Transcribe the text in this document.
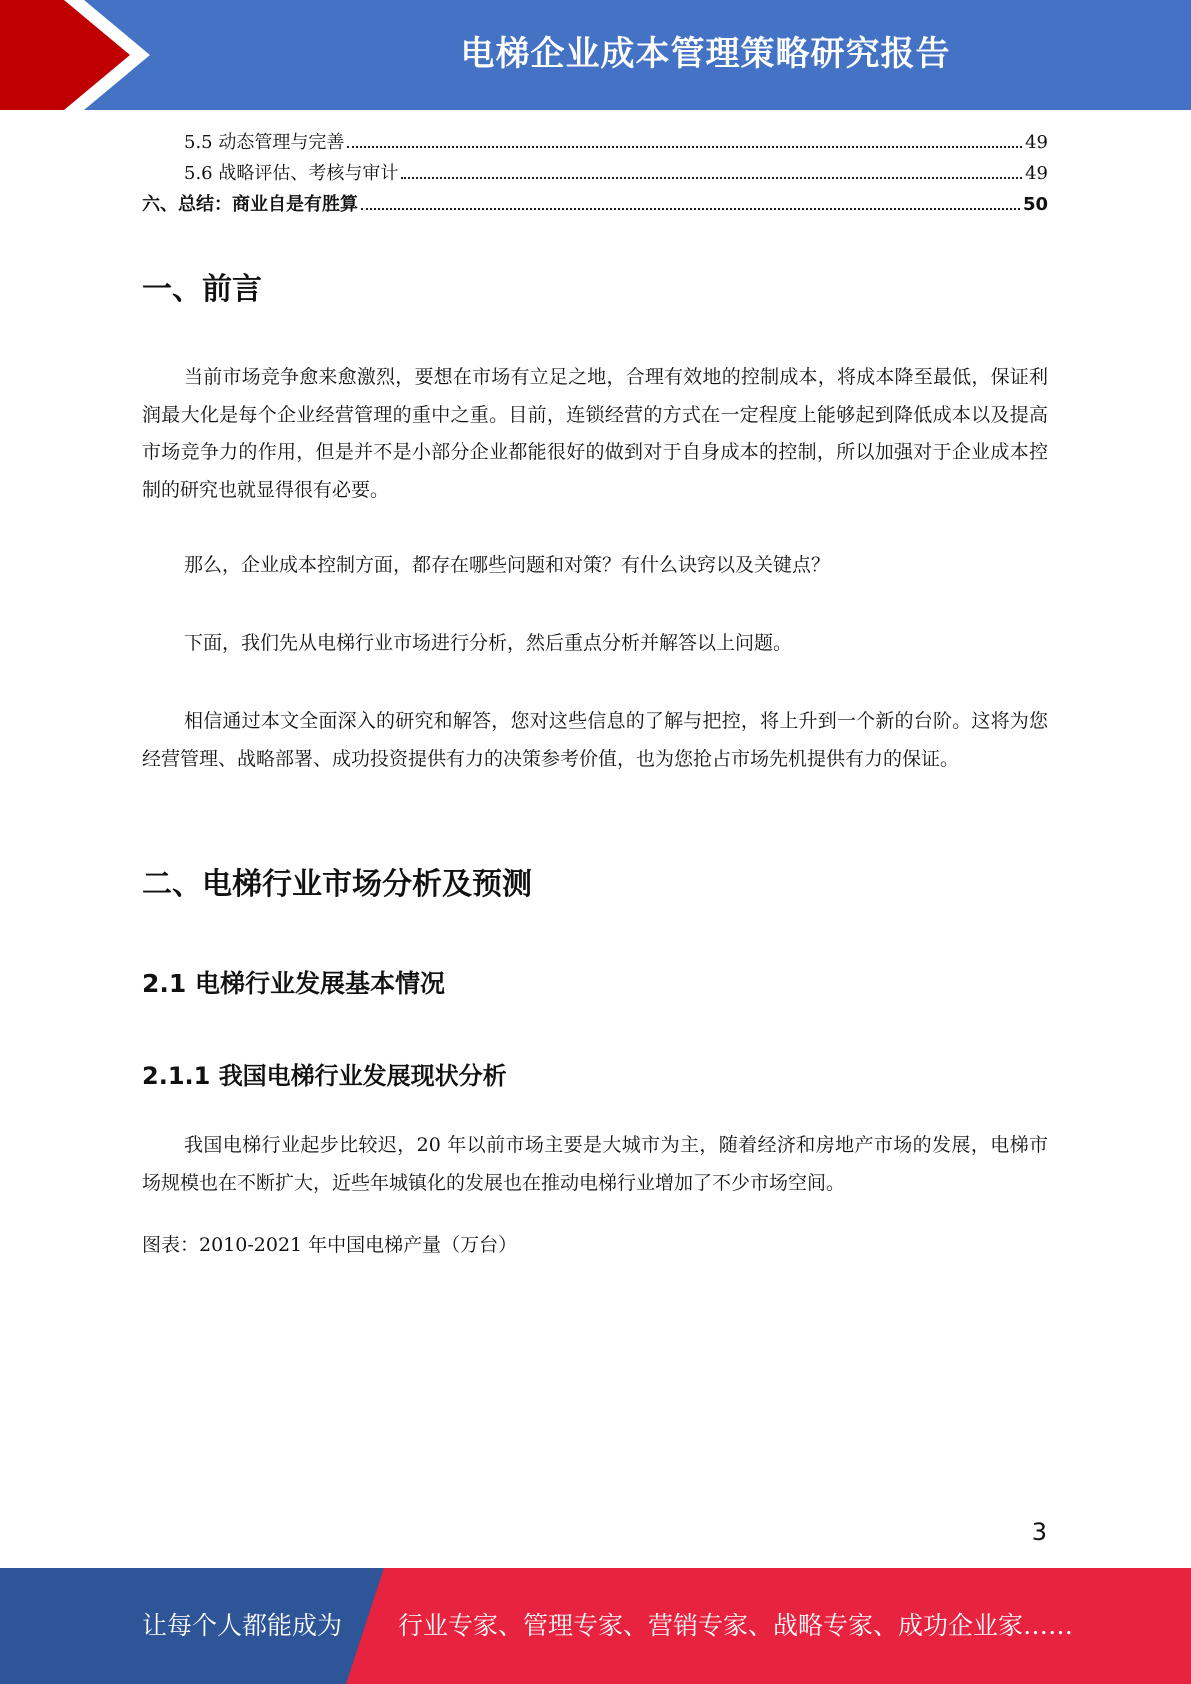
电梯企业成本管理策略研究报告
5.5 动态管理与完善	49
5.6 战略评估、考核与审计	49
六、总结：商业自是有胜算	50
一、前言

当前市场竞争愈来愈激烈，要想在市场有立足之地，合理有效地的控制成本，将成本降至最低，保证利润最大化是每个企业经营管理的重中之重。目前，连锁经营的方式在一定程度上能够起到降低成本以及提高市场竞争力的作用，但是并不是小部分企业都能很好的做到对于自身成本的控制，所以加强对于企业成本控制的研究也就显得很有必要。

那么，企业成本控制方面，都存在哪些问题和对策？有什么诀窍以及关键点？

下面，我们先从电梯行业市场进行分析，然后重点分析并解答以上问题。

相信通过本文全面深入的研究和解答，您对这些信息的了解与把控，将上升到一个新的台阶。这将为您经营管理、战略部署、成功投资提供有力的决策参考价值，也为您抢占市场先机提供有力的保证。

二、电梯行业市场分析及预测
2.1 电梯行业发展基本情况
2.1.1 我国电梯行业发展现状分析

我国电梯行业起步比较迟，20 年以前市场主要是大城市为主，随着经济和房地产市场的发展，电梯市场规模也在不断扩大，近些年城镇化的发展也在推动电梯行业增加了不少市场空间。

图表：2010-2021 年中国电梯产量（万台）

3
让每个人都能成为 行业专家、管理专家、营销专家、战略专家、成功企业家……
